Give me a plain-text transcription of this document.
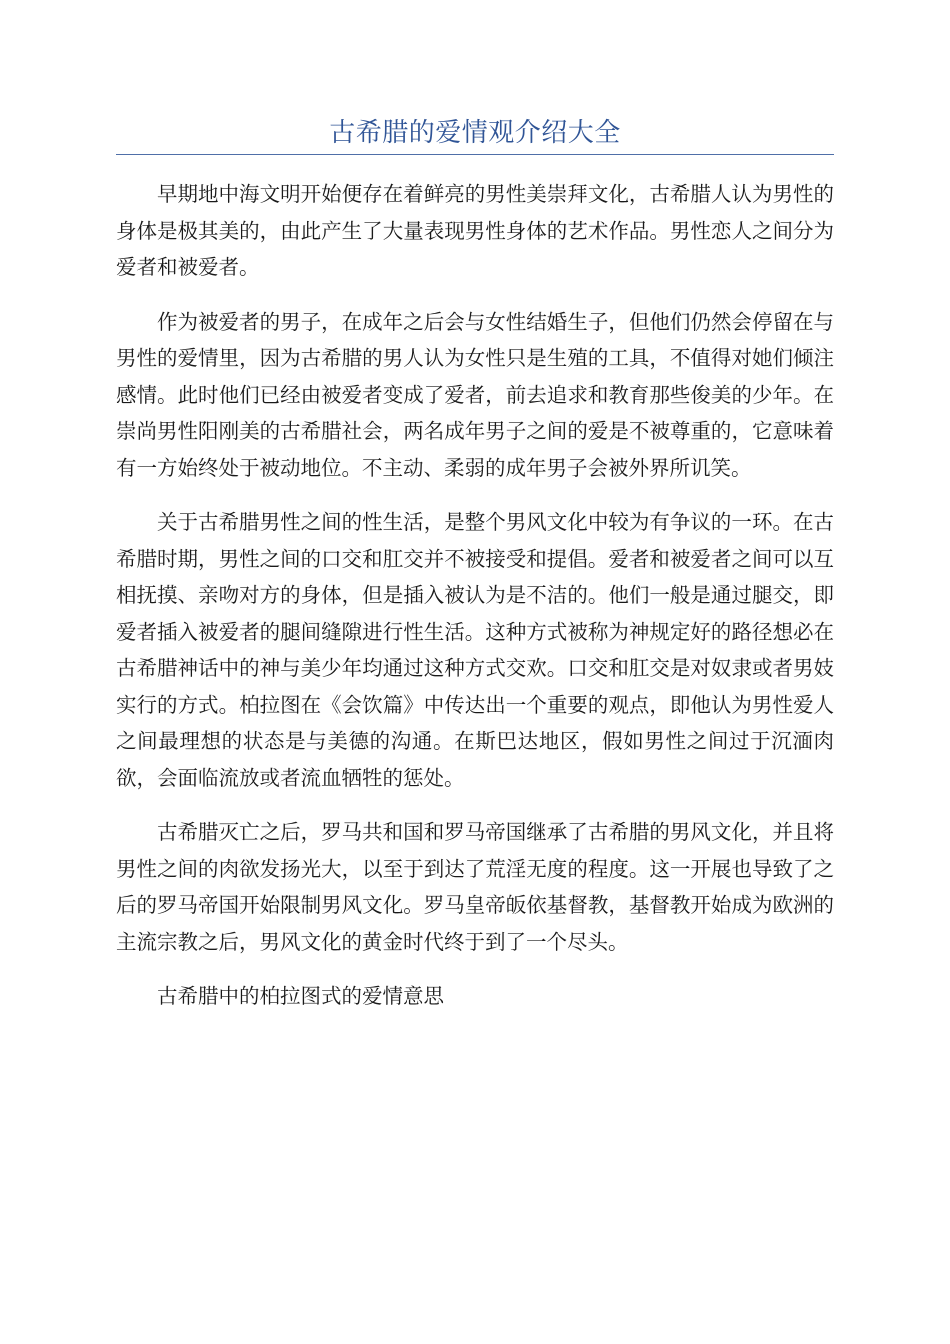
古希腊的爱情观介绍大全

早期地中海文明开始便存在着鲜亮的男性美崇拜文化，古希腊人认为男性的身体是极其美的，由此产生了大量表现男性身体的艺术作品。男性恋人之间分为爱者和被爱者。

作为被爱者的男子，在成年之后会与女性结婚生子，但他们仍然会停留在与男性的爱情里，因为古希腊的男人认为女性只是生殖的工具，不值得对她们倾注感情。此时他们已经由被爱者变成了爱者，前去追求和教育那些俊美的少年。在崇尚男性阳刚美的古希腊社会，两名成年男子之间的爱是不被尊重的，它意味着有一方始终处于被动地位。不主动、柔弱的成年男子会被外界所讥笑。

关于古希腊男性之间的性生活，是整个男风文化中较为有争议的一环。在古希腊时期，男性之间的口交和肛交并不被接受和提倡。爱者和被爱者之间可以互相抚摸、亲吻对方的身体，但是插入被认为是不洁的。他们一般是通过腿交，即爱者插入被爱者的腿间缝隙进行性生活。这种方式被称为神规定好的路径想必在古希腊神话中的神与美少年均通过这种方式交欢。口交和肛交是对奴隶或者男妓实行的方式。柏拉图在《会饮篇》中传达出一个重要的观点，即他认为男性爱人之间最理想的状态是与美德的沟通。在斯巴达地区，假如男性之间过于沉湎肉欲，会面临流放或者流血牺牲的惩处。

古希腊灭亡之后，罗马共和国和罗马帝国继承了古希腊的男风文化，并且将男性之间的肉欲发扬光大，以至于到达了荒淫无度的程度。这一开展也导致了之后的罗马帝国开始限制男风文化。罗马皇帝皈依基督教，基督教开始成为欧洲的主流宗教之后，男风文化的黄金时代终于到了一个尽头。

古希腊中的柏拉图式的爱情意思
